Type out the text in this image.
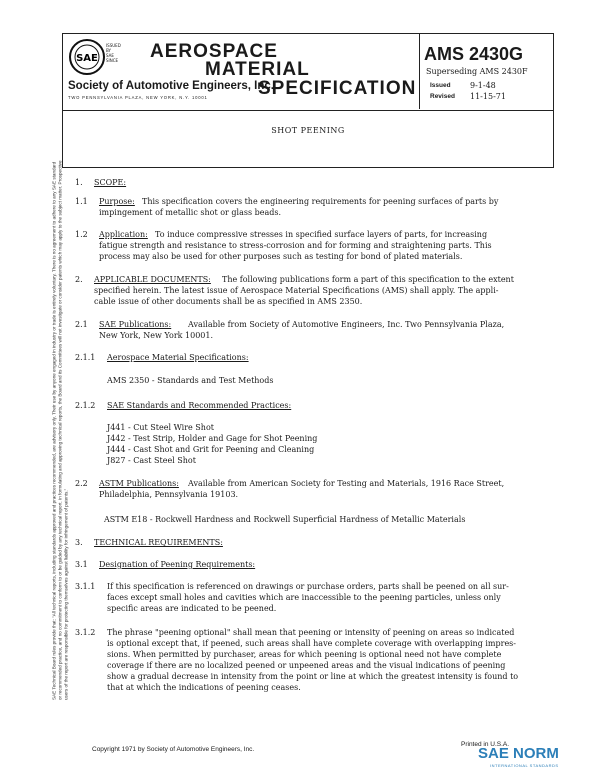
SAE
ISSUED BY SAE SINCE AEROSPACE
MATERIAL
SPECIFICATION
Society of Automotive Engineers, Inc.
TWO PENNSYLVANIA PLAZA, NEW YORK, N.Y. 10001
AMS 2430G
Superseding AMS 2430F
Issued 9-1-48
Revised 11-15-71
SHOT PEENING
SAE Technical Board rules provide that: "All technical reports, including standards approved and practices recommended, are advisory only. Their use by anyone engaged in industry or trade is entirely voluntary. There is no agreement to adhere to any SAE standard or recommended practice, and no commitment to conform to or be guided by any technical report. In formulating and approving technical reports, the Board and its Committees will not investigate or consider patents which may apply to the subject matter. Prospective users of the report are responsible for protecting themselves against liability for infringement of patents."
1. SCOPE:
1.1 Purpose: This specification covers the engineering requirements for peening surfaces of parts by
impingement of metallic shot or glass beads.
1.2 Application: To induce compressive stresses in specified surface layers of parts, for increasing
fatigue strength and resistance to stress-corrosion and for forming and straightening parts. This
process may also be used for other purposes such as testing for bond of plated materials.
2. APPLICABLE DOCUMENTS: The following publications form a part of this specification to the extent
specified herein. The latest issue of Aerospace Material Specifications (AMS) shall apply. The appli-
cable issue of other documents shall be as specified in AMS 2350.
2.1 SAE Publications: Available from Society of Automotive Engineers, Inc. Two Pennsylvania Plaza,
New York, New York 10001.
2.1.1 Aerospace Material Specifications:
AMS 2350 - Standards and Test Methods
2.1.2 SAE Standards and Recommended Practices:
J441 - Cut Steel Wire Shot
J442 - Test Strip, Holder and Gage for Shot Peening
J444 - Cast Shot and Grit for Peening and Cleaning
J827 - Cast Steel Shot
2.2 ASTM Publications: Available from American Society for Testing and Materials, 1916 Race Street,
Philadelphia, Pennsylvania 19103.
ASTM E18 - Rockwell Hardness and Rockwell Superficial Hardness of Metallic Materials
3. TECHNICAL REQUIREMENTS:
3.1 Designation of Peening Requirements:
3.1.1 If this specification is referenced on drawings or purchase orders, parts shall be peened on all sur-
faces except small holes and cavities which are inaccessible to the peening particles, unless only
specific areas are indicated to be peened.
3.1.2 The phrase "peening optional" shall mean that peening or intensity of peening on areas so indicated
is optional except that, if peened, such areas shall have complete coverage with overlapping impres-
sions. When permitted by purchaser, areas for which peening is optional need not have complete
coverage if there are no localized peened or unpeened areas and the visual indications of peening
show a gradual decrease in intensity from the point or line at which the greatest intensity is found to
that at which the indications of peening ceases.
Copyright 1971 by Society of Automotive Engineers, Inc.
Printed in U.S.A.
SAE NORM
INTERNATIONAL STANDARDS
